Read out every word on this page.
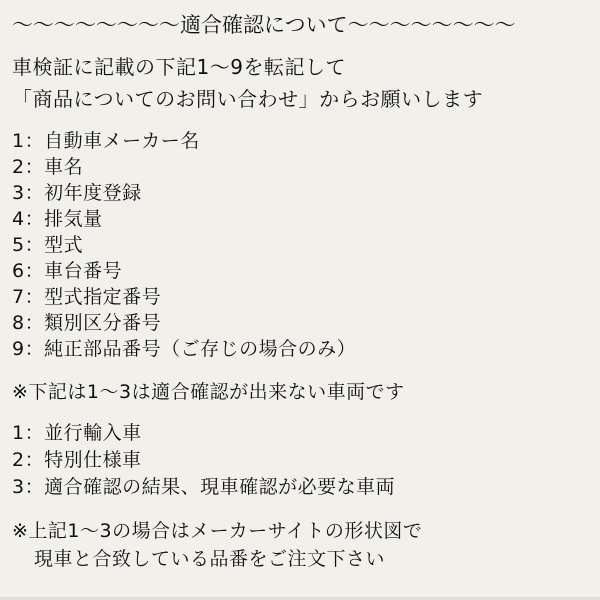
〜〜〜〜〜〜〜〜適合確認について〜〜〜〜〜〜〜〜
車検証に記載の下記1〜9を転記して
「商品についてのお問い合わせ」からお願いします
1：自動車メーカー名
2：車名
3：初年度登録
4：排気量
5：型式
6：車台番号
7：型式指定番号
8：類別区分番号
9：純正部品番号（ご存じの場合のみ）
※下記は1〜3は適合確認が出来ない車両です
1：並行輸入車
2：特別仕様車
3：適合確認の結果、現車確認が必要な車両
※上記1〜3の場合はメーカーサイトの形状図で
現車と合致している品番をご注文下さい
